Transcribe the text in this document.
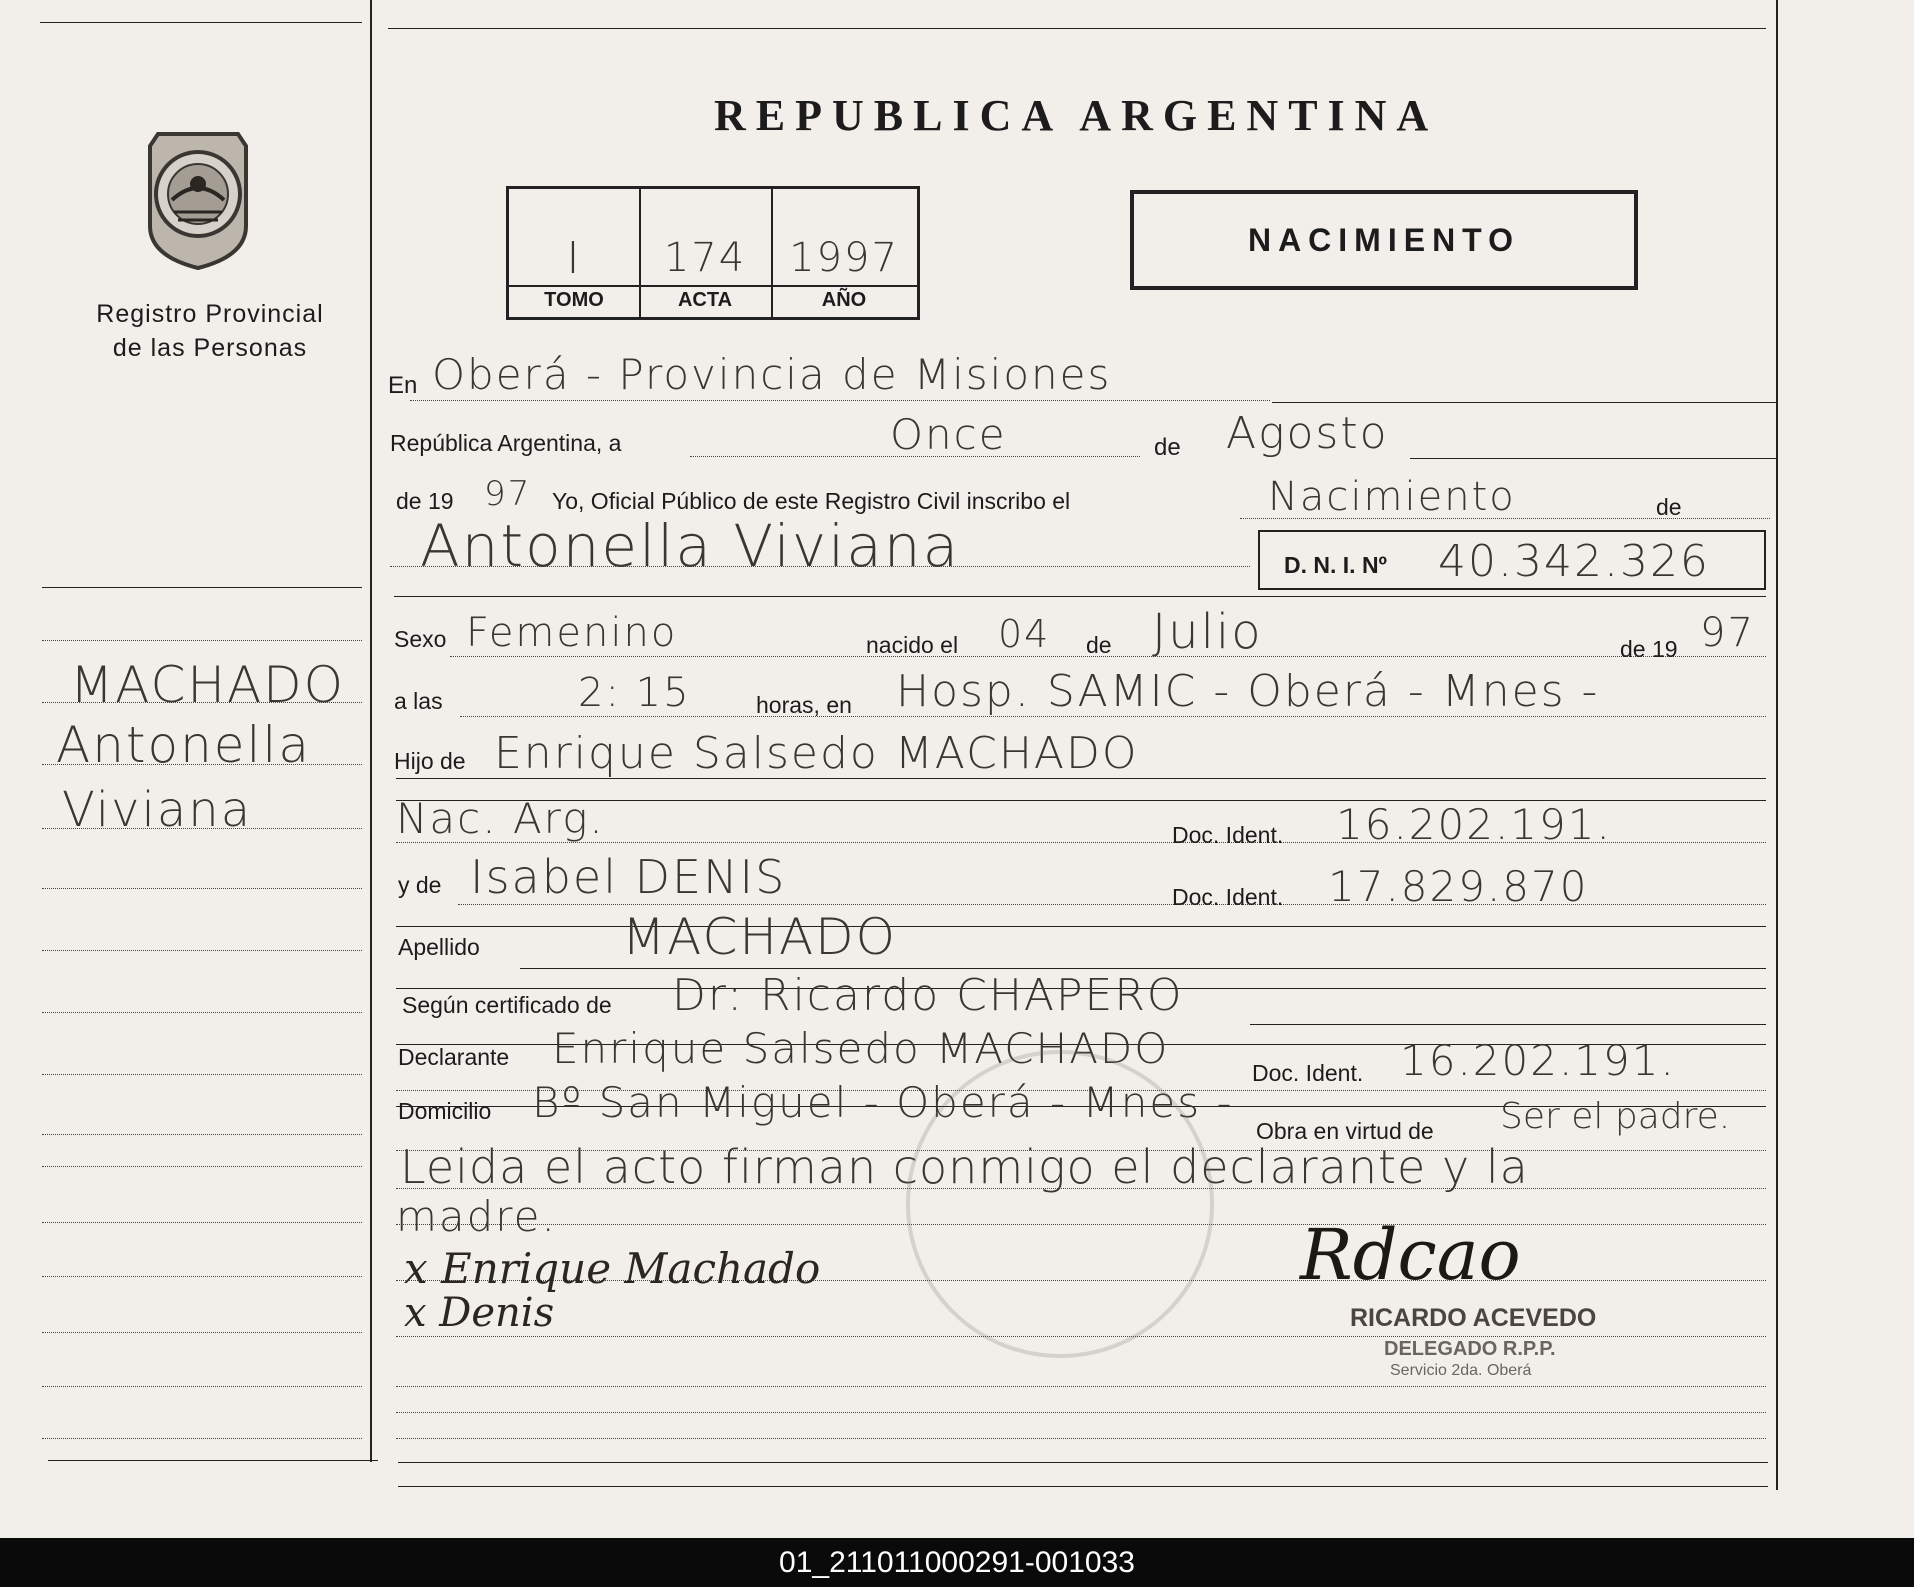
REPUBLICA ARGENTINA
Registro Provincial
de las Personas
I	174	1997
TOMO	ACTA	AÑO
NACIMIENTO
MACHADO
Antonella
Viviana
D. N. I. Nº 40.342.326
En Oberá - Provincia de Misiones
República Argentina, a	Once	de Agosto
de 19 97 Yo, Oficial Público de este Registro Civil inscribo el	Nacimiento	de
Antonella Viviana
Sexo Femenino	nacido el 04 de Julio	de 19 97
a las	2: 15	horas, en Hosp. SAMIC - Oberá - Mnes -
Hijo de Enrique Salsedo MACHADO
Nac. Arg.	Doc. Ident. 16.202.191.
y de Isabel DENIS	Doc. Ident. 17.829.870
Apellido	MACHADO
Según certificado de Dr: Ricardo CHAPERO
Declarante Enrique Salsedo MACHADO	Doc. Ident. 16.202.191.
Domicilio Bº San Miguel - Oberá - Mnes -
Obra en virtud de Ser el padre.
Leida el acto firman conmigo el declarante y la
madre.
x Enrique Machado
x Denis
Rdcao
RICARDO ACEVEDO
DELEGADO R.P.P.
Servicio 2da. Oberá
01_211011000291-001033
